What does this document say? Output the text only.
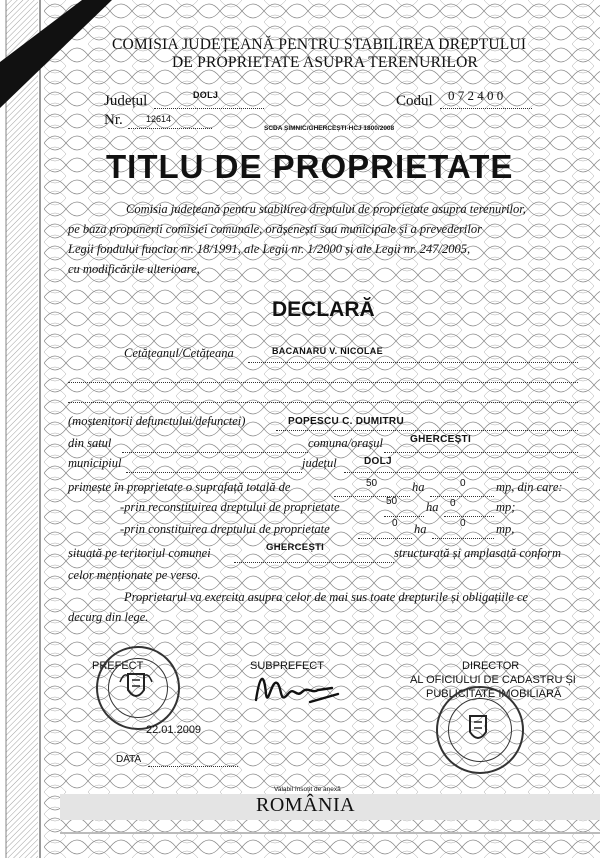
COMISIA JUDEȚEANĂ PENTRU STABILIREA DREPTULUI
DE PROPRIETATE ASUPRA TERENURILOR
Județul	DOLJ	Codul 0 7 2 4 0 0
Nr.	12614
SCDA ȘIMNIC/GHERCEȘTI-HCJ 1800/2008
TITLU DE PROPRIETATE
Comisia județeană pentru stabilirea dreptului de proprietate asupra terenurilor,
pe baza propunerii comisiei comunale, orășenești sau municipale și a prevederilor
Legii fondului funciar nr. 18/1991, ale Legii nr. 1/2000 și ale Legii nr. 247/2005,
cu modificările ulterioare,
DECLARĂ
Cetățeanul/Cetățeana	BACANARU V. NICOLAE
(moștenitorii defunctului/defunctei)	POPESCU C. DUMITRU
din satul	comuna/orașul	GHERCEȘTI
municipiul	județul	DOLJ
primește în proprietate o suprafață totală de	50	ha	0 mp, din care:
-prin reconstituirea dreptului de proprietate	50 ha 0	mp;
-prin constituirea dreptului de proprietate	0 ha	0 mp,
situată pe teritoriul comunei	GHERCEȘTI	structurată și amplasată conform
celor menționate pe verso.
Proprietarul va exercita asupra celor de mai sus toate drepturile și obligațiile ce
decurg din lege.
PREFECT	SUBPREFECT	DIRECTOR
AL OFICIULUI DE CADASTRU ȘI
PUBLICITATE IMOBILIARĂ
22.01.2009
DATA
Valabil însoțit de anexă
ROMÂNIA
